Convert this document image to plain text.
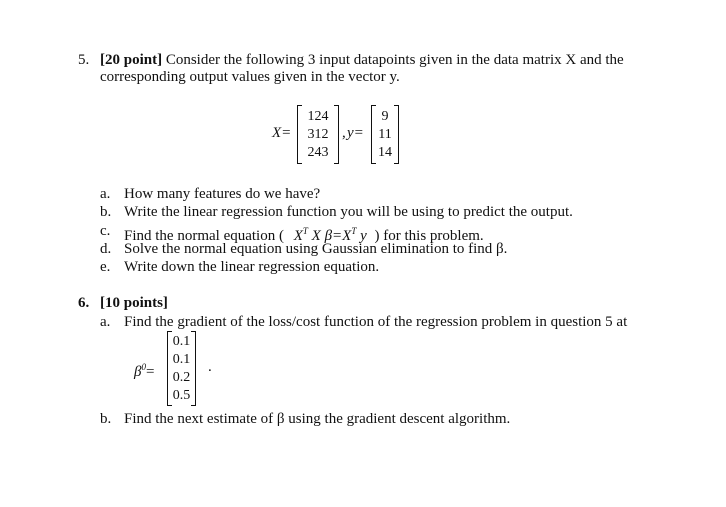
5. [20 point] Consider the following 3 input datapoints given in the data matrix X and the
corresponding output values given in the vector y.
X=
124
312
243
, y=
9
11
14
a. How many features do we have?
b. Write the linear regression function you will be using to predict the output.
c. Find the normal equation ( $X^T$ X $\beta=X^T$ y ) for this problem.
d. Solve the normal equation using Gaussian elimination to find β.
e. Write down the linear regression equation.
6. [10 points]
a. Find the gradient of the loss/cost function of the regression problem in question 5 at
$\beta^0=$
0.1
0.1
0.2
0.5
.
b. Find the next estimate of β using the gradient descent algorithm.
